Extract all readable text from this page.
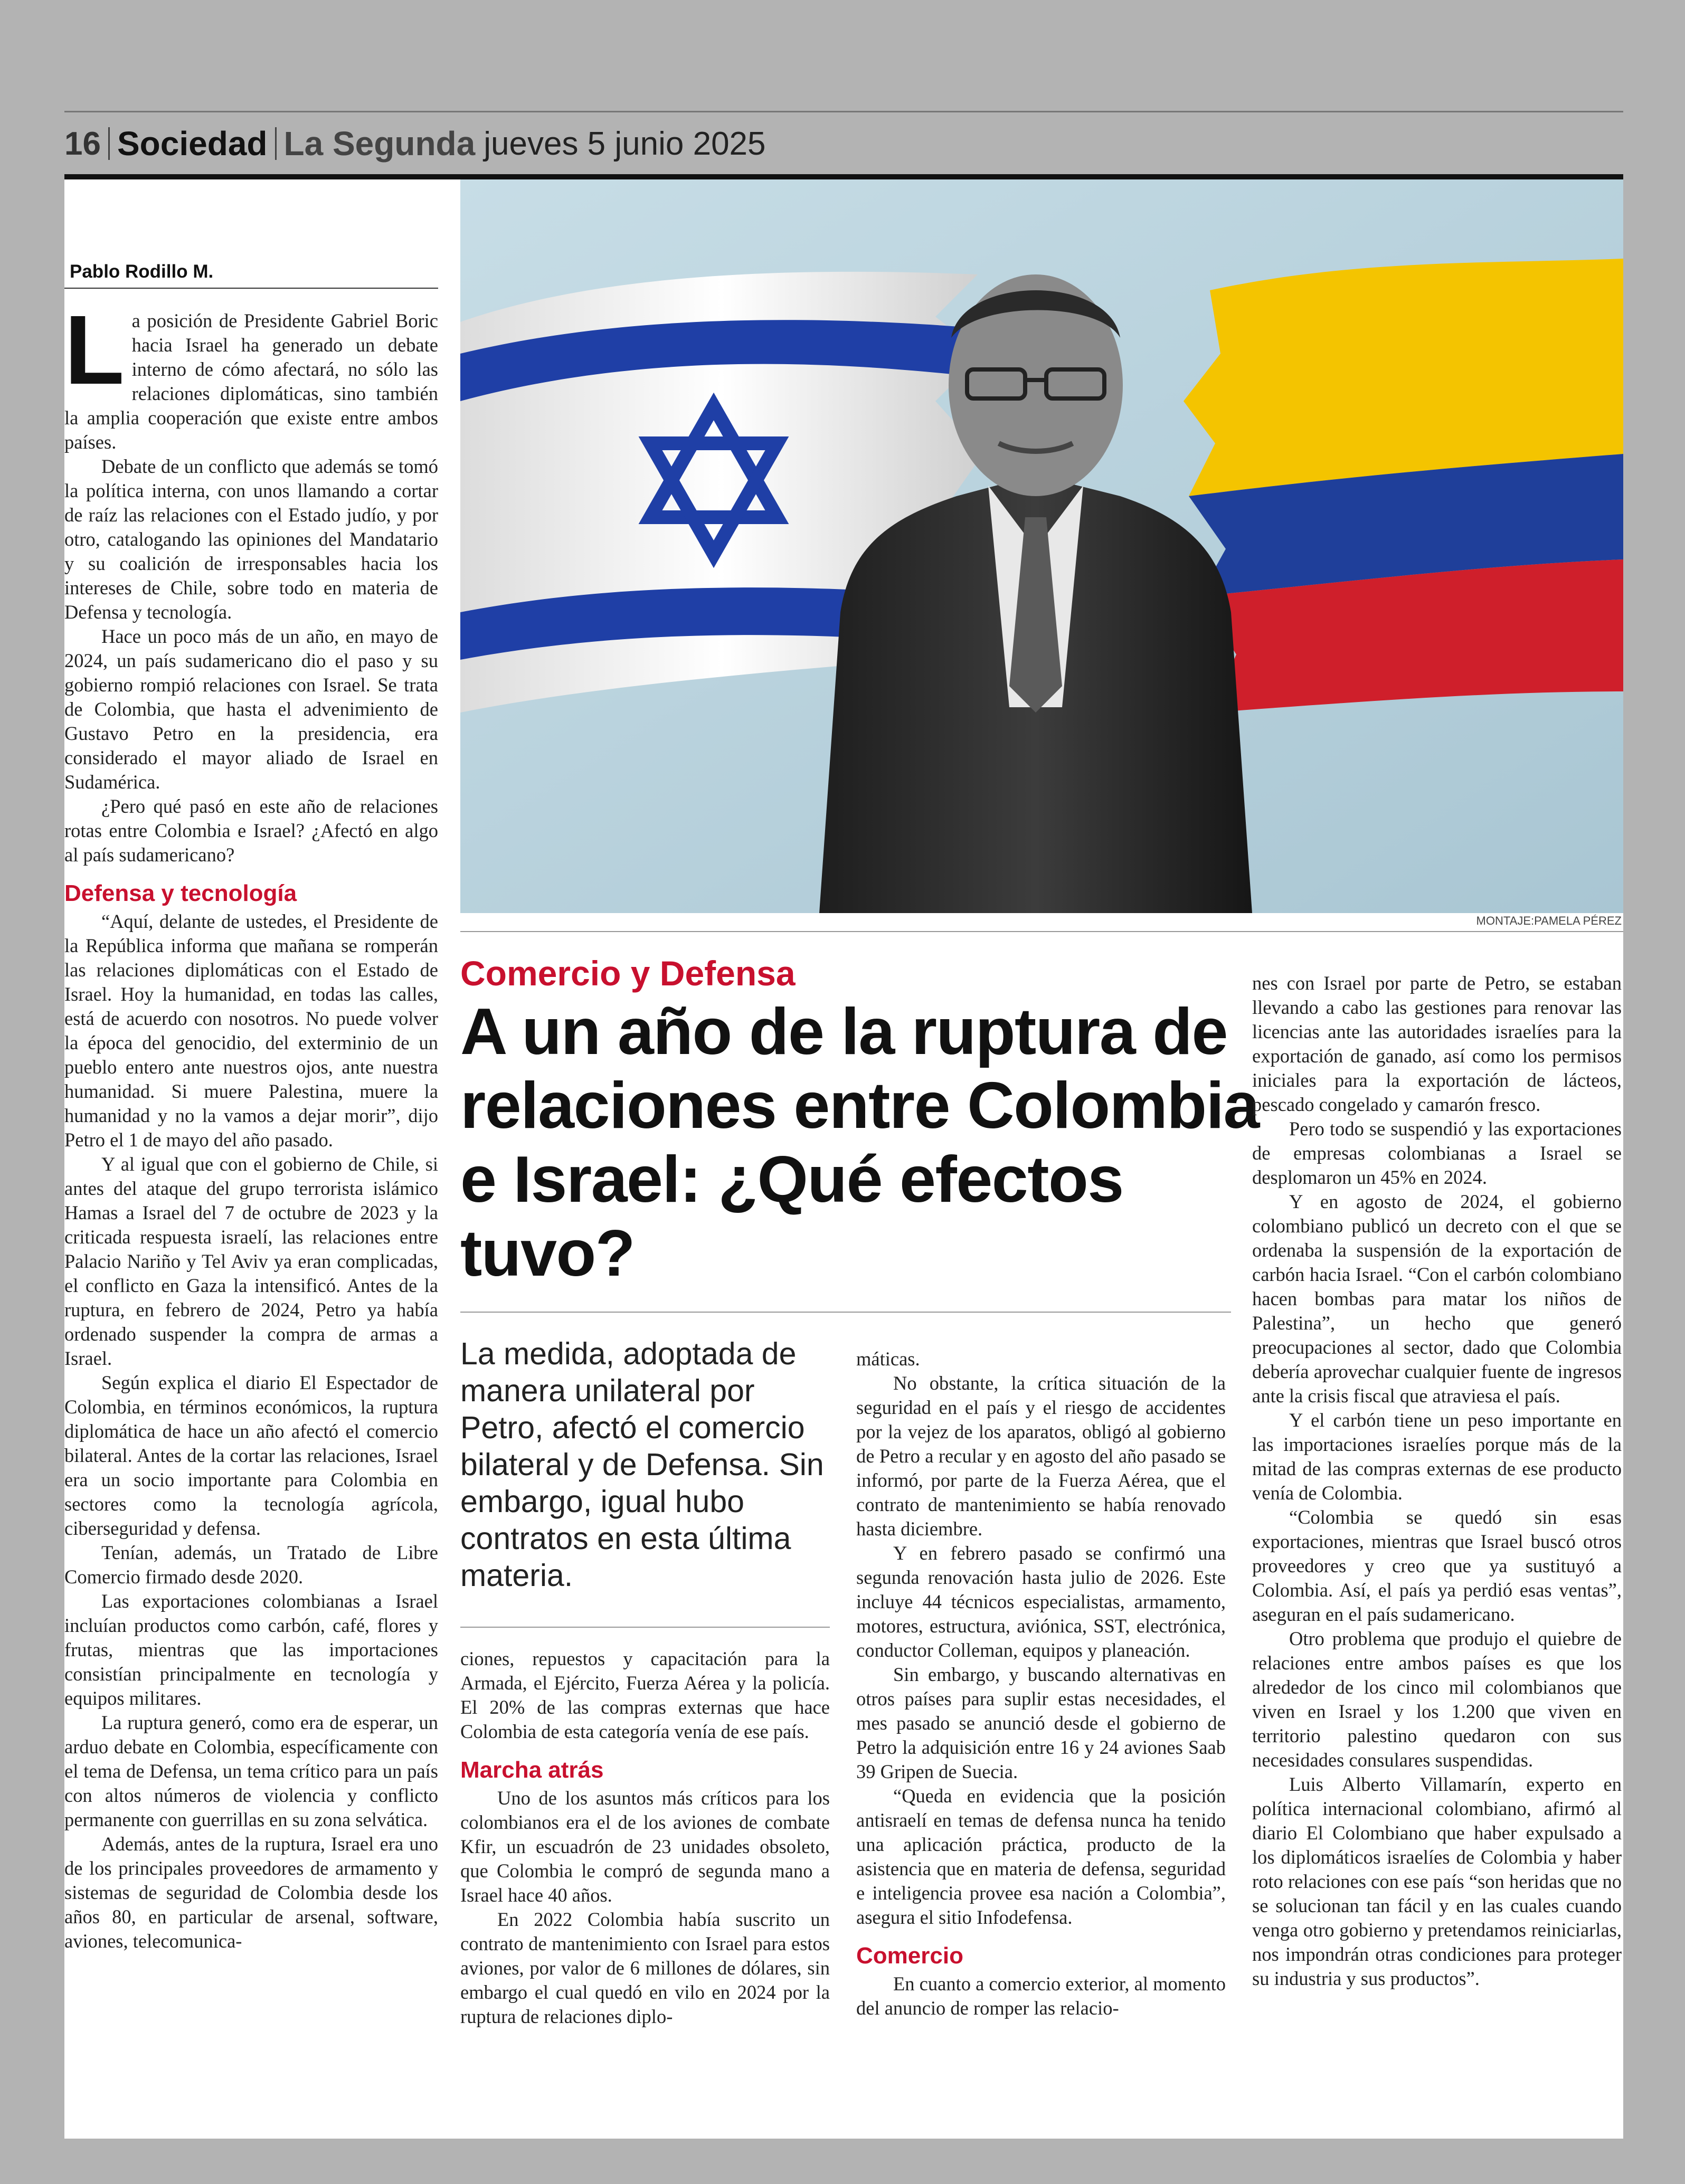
16 Sociedad La Segunda jueves 5 junio 2025
Pablo Rodillo M.

La posición de Presidente Gabriel Boric hacia Israel ha generado un debate interno de cómo afectará, no sólo las relaciones diplomáticas, sino también la amplia cooperación que existe entre ambos países.

Debate de un conflicto que además se tomó la política interna, con unos llamando a cortar de raíz las relaciones con el Estado judío, y por otro, catalogando las opiniones del Mandatario y su coalición de irresponsables hacia los intereses de Chile, sobre todo en materia de Defensa y tecnología.

Hace un poco más de un año, en mayo de 2024, un país sudamericano dio el paso y su gobierno rompió relaciones con Israel. Se trata de Colombia, que hasta el advenimiento de Gustavo Petro en la presidencia, era considerado el mayor aliado de Israel en Sudamérica.

¿Pero qué pasó en este año de relaciones rotas entre Colombia e Israel? ¿Afectó en algo al país sudamericano?

Defensa y tecnología

“Aquí, delante de ustedes, el Presidente de la República informa que mañana se romperán las relaciones diplomáticas con el Estado de Israel. Hoy la humanidad, en todas las calles, está de acuerdo con nosotros. No puede volver la época del genocidio, del exterminio de un pueblo entero ante nuestros ojos, ante nuestra humanidad. Si muere Palestina, muere la humanidad y no la vamos a dejar morir”, dijo Petro el 1 de mayo del año pasado.

Y al igual que con el gobierno de Chile, si antes del ataque del grupo terrorista islámico Hamas a Israel del 7 de octubre de 2023 y la criticada respuesta israelí, las relaciones entre Palacio Nariño y Tel Aviv ya eran complicadas, el conflicto en Gaza la intensificó. Antes de la ruptura, en febrero de 2024, Petro ya había ordenado suspender la compra de armas a Israel.

Según explica el diario El Espectador de Colombia, en términos económicos, la ruptura diplomática de hace un año afectó el comercio bilateral. Antes de la cortar las relaciones, Israel era un socio importante para Colombia en sectores como la tecnología agrícola, ciberseguridad y defensa.

Tenían, además, un Tratado de Libre Comercio firmado desde 2020.

Las exportaciones colombianas a Israel incluían productos como carbón, café, flores y frutas, mientras que las importaciones consistían principalmente en tecnología y equipos militares.

La ruptura generó, como era de esperar, un arduo debate en Colombia, específicamente con el tema de Defensa, un tema crítico para un país con altos números de violencia y conflicto permanente con guerrillas en su zona selvática.

Además, antes de la ruptura, Israel era uno de los principales proveedores de armamento y sistemas de seguridad de Colombia desde los años 80, en particular de arsenal, software, aviones, telecomunica-

MONTAJE:PAMELA PÉREZ
Comercio y Defensa
A un año de la ruptura de relaciones entre Colombia e Israel: ¿Qué efectos tuvo?
La medida, adoptada de manera unilateral por Petro, afectó el comercio bilateral y de Defensa. Sin embargo, igual hubo contratos en esta última materia.

ciones, repuestos y capacitación para la Armada, el Ejército, Fuerza Aérea y la policía. El 20% de las compras externas que hace Colombia de esta categoría venía de ese país.

Marcha atrás

Uno de los asuntos más críticos para los colombianos era el de los aviones de combate Kfir, un escuadrón de 23 unidades obsoleto, que Colombia le compró de segunda mano a Israel hace 40 años.

En 2022 Colombia había suscrito un contrato de mantenimiento con Israel para estos aviones, por valor de 6 millones de dólares, sin embargo el cual quedó en vilo en 2024 por la ruptura de relaciones diplo-

máticas.

No obstante, la crítica situación de la seguridad en el país y el riesgo de accidentes por la vejez de los aparatos, obligó al gobierno de Petro a recular y en agosto del año pasado se informó, por parte de la Fuerza Aérea, que el contrato de mantenimiento se había renovado hasta diciembre.

Y en febrero pasado se confirmó una segunda renovación hasta julio de 2026. Este incluye 44 técnicos especialistas, armamento, motores, estructura, aviónica, SST, electrónica, conductor Colleman, equipos y planeación.

Sin embargo, y buscando alternativas en otros países para suplir estas necesidades, el mes pasado se anunció desde el gobierno de Petro la adquisición entre 16 y 24 aviones Saab 39 Gripen de Suecia.

“Queda en evidencia que la posición antisraelí en temas de defensa nunca ha tenido una aplicación práctica, producto de la asistencia que en materia de defensa, seguridad e inteligencia provee esa nación a Colombia”, asegura el sitio Infodefensa.

Comercio

En cuanto a comercio exterior, al momento del anuncio de romper las relacio-

nes con Israel por parte de Petro, se estaban llevando a cabo las gestiones para renovar las licencias ante las autoridades israelíes para la exportación de ganado, así como los permisos iniciales para la exportación de lácteos, pescado congelado y camarón fresco.

Pero todo se suspendió y las exportaciones de empresas colombianas a Israel se desplomaron un 45% en 2024.

Y en agosto de 2024, el gobierno colombiano publicó un decreto con el que se ordenaba la suspensión de la exportación de carbón hacia Israel. “Con el carbón colombiano hacen bombas para matar los niños de Palestina”, un hecho que generó preocupaciones al sector, dado que Colombia debería aprovechar cualquier fuente de ingresos ante la crisis fiscal que atraviesa el país.

Y el carbón tiene un peso importante en las importaciones israelíes porque más de la mitad de las compras externas de ese producto venía de Colombia.

“Colombia se quedó sin esas exportaciones, mientras que Israel buscó otros proveedores y creo que ya sustituyó a Colombia. Así, el país ya perdió esas ventas”, aseguran en el país sudamericano.

Otro problema que produjo el quiebre de relaciones entre ambos países es que los alrededor de los cinco mil colombianos que viven en Israel y los 1.200 que viven en territorio palestino quedaron con sus necesidades consulares suspendidas.

Luis Alberto Villamarín, experto en política internacional colombiano, afirmó al diario El Colombiano que haber expulsado a los diplomáticos israelíes de Colombia y haber roto relaciones con ese país “son heridas que no se solucionan tan fácil y en las cuales cuando venga otro gobierno y pretendamos reiniciarlas, nos impondrán otras condiciones para proteger su industria y sus productos”.
